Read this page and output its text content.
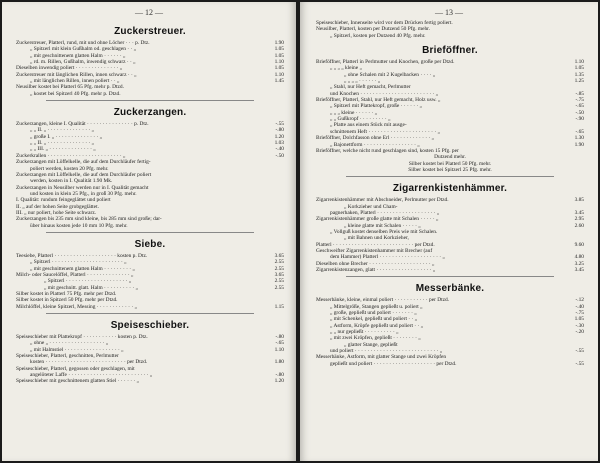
— 12 —
Zuckerstreuer.
Zuckerstreuer, Platterl, rund, mit und ohne Löcher · · · p. Dtz.	1.90
„ Spitzerl mit klein Gußhalm od. geschlagen · · „	1.05
„ mit geschnittenem glatten Halm · · · · · · „	1.05
„ rd. m. Rillen, Gußhalm, inwendig schwarz · · „	1.10
Dieselben inwendig poliert · · · · · · · · · · · · · · „	1.05
Zuckerstreuer mit länglichen Rillen, innen schwarz · · „	1.10
„ mit länglichen Rillen, innen poliert · · „	1.45
Neusilber kostet bei Platterl 65 Pfg. mehr p. Dtzd.
„ kostet bei Spitzerl 40 Pfg. mehr p. Dtzd.
Zuckerzangen.
Zuckerzangen, kleine I. Qualität · · · · · · · · · · · · · · · p. Dtz.	-.55
„ „ II. „ · · · · · · · · · · · · · · „	-.80
„ große I. „ · · · · · · · · · · · · · · „	1.20
„ „ II. „ · · · · · · · · · · · · · · „	1.03
„ „ III. „ · · · · · · · · · · · · · · „	-.40
Zuckerkrallen · · · · · · · · · · · · · · · · · · · · · · · · „	-.50
Zuckerzangen mit Löffelkelle, die auf dem Durchläufer fertig-
poliert werden, kosten 20 Pfg. mehr.
Zuckerzangen mit Löffelkelle, die auf dem Durchläufer poliert
werden, kosten in I. Qualität 1.90 Mk.
Zuckerzangen in Neusilber werden nur in I. Qualität gemacht
und kosten in klein 25 Pfg., in groß 30 Pfg. mehr.
I. Qualität: rundum feingeglättet und poliert
II. „ auf der hohen Seite grobgeglättet.
III. „ nur poliert, hohe Seite schwarz.
Zuckerzangen bis 235 mm sind kleine, bis 285 mm sind große; dar-
über hinaus kosten jede 10 mm 10 Pfg. mehr.
Siebe.
Teesiebe, Platterl · · · · · · · · · · · · · · · · · · · · kosten p. Dtz.	3.65
„ Spitzerl · · · · · · · · · · · · · · · · · · · · · · · „	2.55
„ mit geschnittenem glatten Halm · · · · · · · · · „	2.55
Milch- oder Saucelöffel, Platterl · · · · · · · · · · · · · · „	3.65
„ Spitzerl · · · · · · · · · · · · · · · · · · · · „	2.55
„ mit geschnitt. glatt. Halm · · · · · · · · · · „	2.55
Silber kostet in Platterl 75 Pfg. mehr per Dtzd.
Silber kostet in Spitzerl 50 Pfg. mehr per Dtzd.
Milchlöffel, kleine Spitzerl, Messing · · · · · · · · · · · · „	1.15
Speiseschieber.
Speiseschieber mit Plattekropf · · · · · · · · · · · kosten p. Dtz.	-.80
„ ohne „ · · · · · · · · · · · · · · · · · · „	-.65
„ mit Halmstiel · · · · · · · · · · · · · · · · · · „	1.10
Speiseschieber, Platterl, geschnitten, Perlmutter
kosten · · · · · · · · · · · · · · · · · · · · · · · · · · per Dtzd.	1.80
Speiseschieber, Platterl, gegossen oder geschlagen, mit
angelöteter Laffe · · · · · · · · · · · · · · · · · · · · · · · · · · „	-.80
Speiseschieber mit geschnittenem glatten Stiel · · · · · · „	1.20
— 13 —
Speiseschieber, Innenseite wird vor dem Drücken fertig poliert.
Neusilber, Platterl, kosten per Dutzend 50 Pfg. mehr.
„ Spitzerl, kosten per Dutzend 40 Pfg. mehr.
Brieföffner.
Brieföffner, Platterl in Perlmutter und Knochen, große per Dtzd.	1.10
„ „ „ „ kleine „	1.05
„ ohne Schalen mit 2 Kugelbacken · · · · „	1.35
„ „ „ „ · · · · · · „	1.25
„ Stahl, nur Heft gemacht, Perlmutter
und Knochen · · · · · · · · · · · · · · · · · · · · · · · · „	-.85
Brieföffner, Platterl, Stahl, nur Heft gemacht, Holz usw. „	-.75
„ Spitzerl mit Plattekropf, große · · · · · · „	-.65
„ „ „ kleine · · · · · · „	-.50
„ „ Gußkropf · · · · · · · · · „	-.90
„ Platte aus einem Stück mit ausge-
schnittenem Heft · · · · · · · · · · · · · · · · · · · · · · „	-.65
Brieföffner, Dolchfasson ohne Erl · · · · · · · · · · · · · „	1.30
„ Bajonettform · · · · · · · · · · · · · · · · · „	1.90
Brieföffner, welche nicht rund geschlagen sind, kosten 15 Pfg. per
Dutzend mehr.
Silber kostet bei Platterl 50 Pfg. mehr.
Silber kostet bei Spitzerl 25 Pfg. mehr.
Zigarrenkistenhämmer.
Zigarrenkistenhämmer mit Abschneider, Perlmutter per Dtzd.	3.85
„ Korkzieher und Cham-
pagnerhaken, Platterl · · · · · · · · · · · · · · · · · · · „	3.45
Zigarrenkistenhämmer große glatte mit Schalen · · · · · „	2.95
„ kleine glatte mit Schalen · · · · · „	2.60
„ Vollguß kostet denselben Preis wie mit Schalen.
„ mit Bahnen und Korkzieher,
Platterl · · · · · · · · · · · · · · · · · · · · · · · · · · per Dtzd.	9.60
Geschweifter Zigarrenkistenhammer mit Brecher (auf
dem Hammer) Platterl · · · · · · · · · · · · · · · · · · · · „	4.80
Dieselben ohne Brecher · · · · · · · · · · · · · · · · · · · · „	3.25
Zigarrenkistenzangen, glatt · · · · · · · · · · · · · · · · · · „	3.45
Messerbänke.
Messerbänke, kleine, einmal poliert · · · · · · · · · · · per Dtzd.	-.12
„ Mittelgröße, Stangen gepließt u. poliert „	-.40
„ große, gepließt und poliert · · · · · · · „	-.75
„ mit Schenkel, gepließt und poliert · · „	1.05
„ Astform, Kröpfe gepließt und poliert · · „	-.30
„ „ nur gepließt · · · · · · · · · · „	-.20
„ mit zwei Kröpfen, gepließt · · · · · · · · „
„ glatter Stange, gepließt
und poliert · · · · · · · · · · · · · · · · · · · · · · · · · · · „	-.55
Messerbänke, Astform, mit glatter Stange und zwei Kröpfen
gepließt und poliert · · · · · · · · · · · · · · · · · · · · per Dtzd.	-.55
